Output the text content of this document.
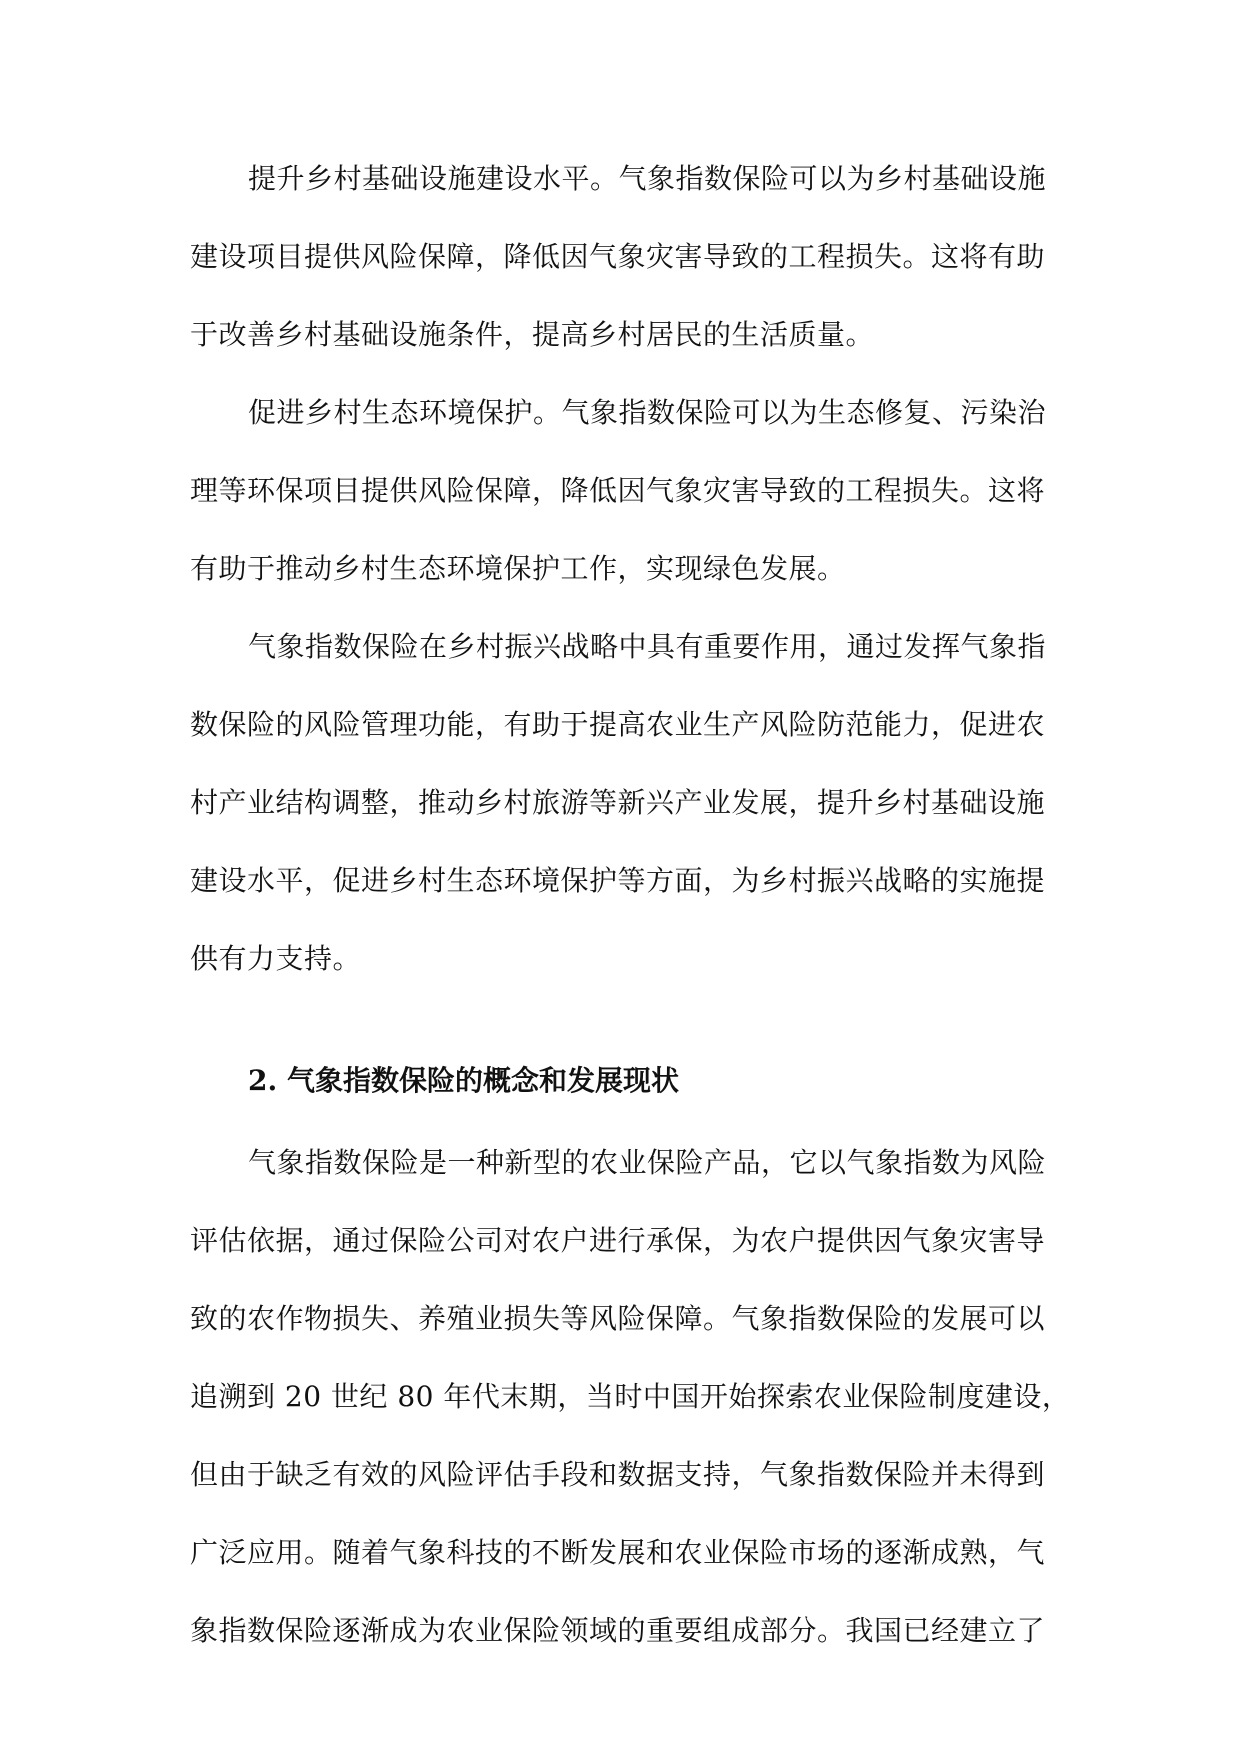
提升乡村基础设施建设水平。气象指数保险可以为乡村基础设施
建设项目提供风险保障，降低因气象灾害导致的工程损失。这将有助
于改善乡村基础设施条件，提高乡村居民的生活质量。
促进乡村生态环境保护。气象指数保险可以为生态修复、污染治
理等环保项目提供风险保障，降低因气象灾害导致的工程损失。这将
有助于推动乡村生态环境保护工作，实现绿色发展。
气象指数保险在乡村振兴战略中具有重要作用，通过发挥气象指
数保险的风险管理功能，有助于提高农业生产风险防范能力，促进农
村产业结构调整，推动乡村旅游等新兴产业发展，提升乡村基础设施
建设水平，促进乡村生态环境保护等方面，为乡村振兴战略的实施提
供有力支持。
2. 气象指数保险的概念和发展现状
气象指数保险是一种新型的农业保险产品，它以气象指数为风险
评估依据，通过保险公司对农户进行承保，为农户提供因气象灾害导
致的农作物损失、养殖业损失等风险保障。气象指数保险的发展可以
追溯到 20 世纪 80 年代末期，当时中国开始探索农业保险制度建设，
但由于缺乏有效的风险评估手段和数据支持，气象指数保险并未得到
广泛应用。随着气象科技的不断发展和农业保险市场的逐渐成熟，气
象指数保险逐渐成为农业保险领域的重要组成部分。我国已经建立了
